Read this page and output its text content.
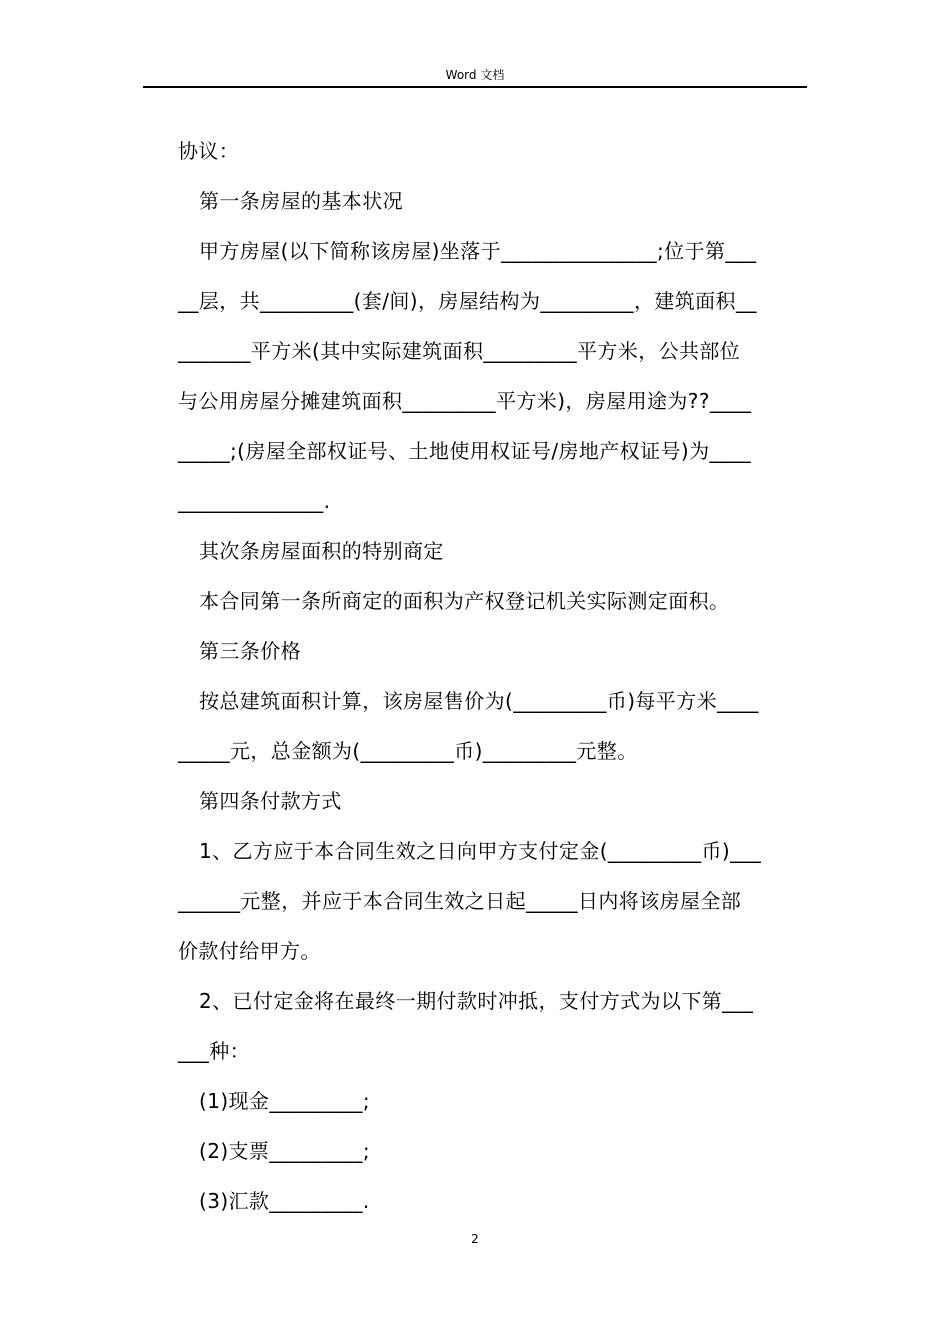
Word 文档
协议：
第一条房屋的基本状况
甲方房屋(以下简称该房屋)坐落于_______________;位于第___
__层，共_________(套/间)，房屋结构为_________，建筑面积__
_______平方米(其中实际建筑面积_________平方米，公共部位
与公用房屋分摊建筑面积_________平方米)，房屋用途为??____
_____;(房屋全部权证号、土地使用权证号/房地产权证号)为____
______________.
其次条房屋面积的特别商定
本合同第一条所商定的面积为产权登记机关实际测定面积。
第三条价格
按总建筑面积计算，该房屋售价为(_________币)每平方米____
_____元，总金额为(_________币)_________元整。
第四条付款方式
1、乙方应于本合同生效之日向甲方支付定金(_________币)___
______元整，并应于本合同生效之日起_____日内将该房屋全部
价款付给甲方。
2、已付定金将在最终一期付款时冲抵，支付方式为以下第___
___种：
(1)现金_________;
(2)支票_________;
(3)汇款_________.
2
